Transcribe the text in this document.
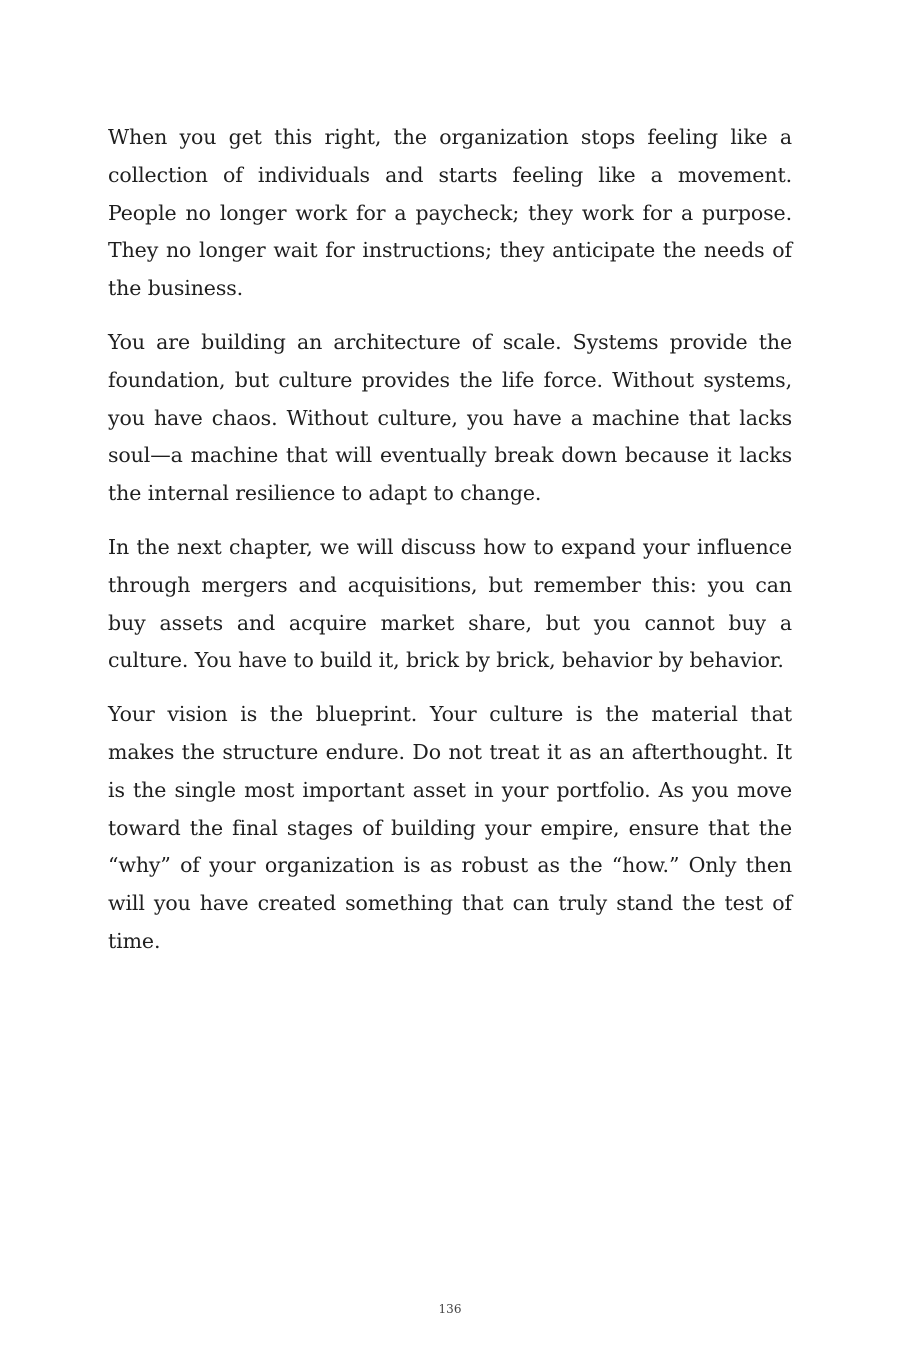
When you get this right, the organization stops feeling like a collection of individuals and starts feeling like a movement. People no longer work for a paycheck; they work for a purpose. They no longer wait for instructions; they anticipate the needs of the business.

You are building an architecture of scale. Systems provide the foundation, but culture provides the life force. Without systems, you have chaos. Without culture, you have a machine that lacks soul—a machine that will eventually break down because it lacks the internal resilience to adapt to change.

In the next chapter, we will discuss how to expand your influence through mergers and acquisitions, but remember this: you can buy assets and acquire market share, but you cannot buy a culture. You have to build it, brick by brick, behavior by behavior.

Your vision is the blueprint. Your culture is the material that makes the structure endure. Do not treat it as an afterthought. It is the single most important asset in your portfolio. As you move toward the final stages of building your empire, ensure that the “why” of your organization is as robust as the “how.” Only then will you have created something that can truly stand the test of time.

136
